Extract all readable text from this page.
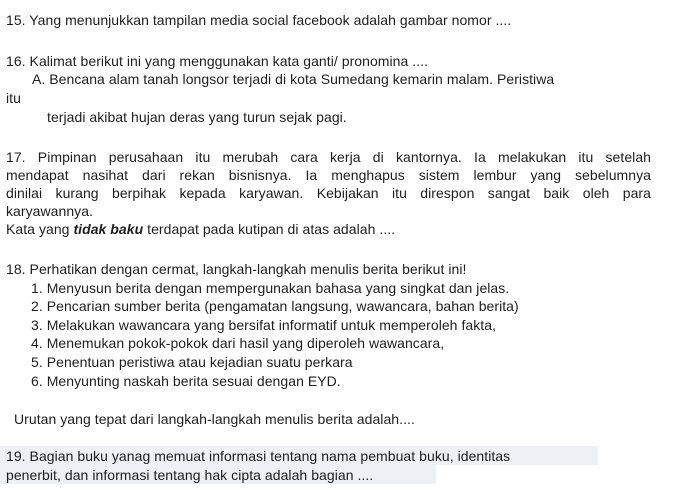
15. Yang menunjukkan tampilan media social facebook adalah gambar nomor ....
16. Kalimat berikut ini yang menggunakan kata ganti/ pronomina ....
A. Bencana alam tanah longsor terjadi di kota Sumedang kemarin malam. Peristiwa
itu
terjadi akibat hujan deras yang turun sejak pagi.
17. Pimpinan perusahaan itu merubah cara kerja di kantornya. Ia melakukan itu setelah
mendapat nasihat dari rekan bisnisnya. Ia menghapus sistem lembur yang sebelumnya
dinilai kurang berpihak kepada karyawan. Kebijakan itu direspon sangat baik oleh para
karyawannya.
Kata yang tidak baku terdapat pada kutipan di atas adalah ....
18. Perhatikan dengan cermat, langkah-langkah menulis berita berikut ini!
1. Menyusun berita dengan mempergunakan bahasa yang singkat dan jelas.
2. Pencarian sumber berita (pengamatan langsung, wawancara, bahan berita)
3. Melakukan wawancara yang bersifat informatif untuk memperoleh fakta,
4. Menemukan pokok-pokok dari hasil yang diperoleh wawancara,
5. Penentuan peristiwa atau kejadian suatu perkara
6. Menyunting naskah berita sesuai dengan EYD.
Urutan yang tepat dari langkah-langkah menulis berita adalah....
19. Bagian buku yanag memuat informasi tentang nama pembuat buku, identitas
penerbit, dan informasi tentang hak cipta adalah bagian ....
